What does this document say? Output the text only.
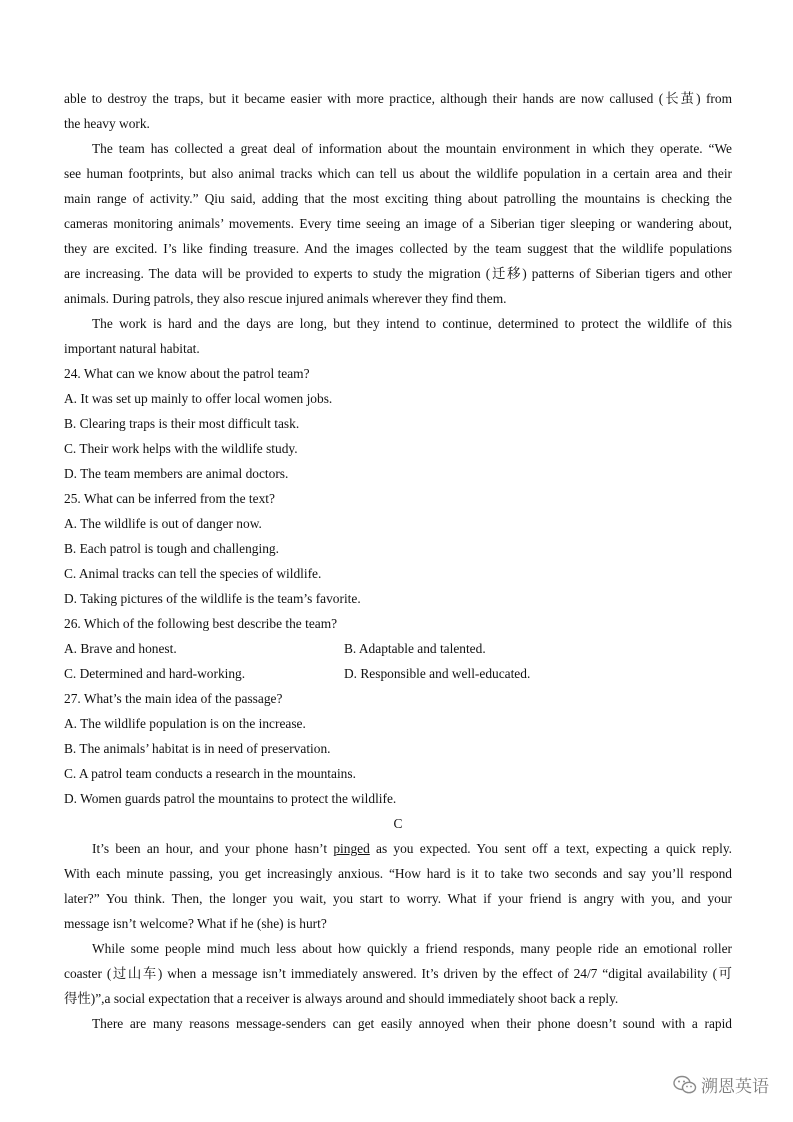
able to destroy the traps, but it became easier with more practice, although their hands are now callused (长茧) from
the heavy work.
The team has collected a great deal of information about the mountain environment in which they operate. “We
see human footprints, but also animal tracks which can tell us about the wildlife population in a certain area and their
main range of activity.” Qiu said, adding that the most exciting thing about patrolling the mountains is checking the
cameras monitoring animals’ movements. Every time seeing an image of a Siberian tiger sleeping or wandering about,
they are excited. I’s like finding treasure. And the images collected by the team suggest that the wildlife populations
are increasing. The data will be provided to experts to study the migration (迁移) patterns of Siberian tigers and other
animals. During patrols, they also rescue injured animals wherever they find them.
The work is hard and the days are long, but they intend to continue, determined to protect the wildlife of this
important natural habitat.
24. What can we know about the patrol team?
A. It was set up mainly to offer local women jobs.
B. Clearing traps is their most difficult task.
C. Their work helps with the wildlife study.
D. The team members are animal doctors.
25. What can be inferred from the text?
A. The wildlife is out of danger now.
B. Each patrol is tough and challenging.
C. Animal tracks can tell the species of wildlife.
D. Taking pictures of the wildlife is the team’s favorite.
26. Which of the following best describe the team?
A. Brave and honest.	B. Adaptable and talented.
C. Determined and hard-working.	D. Responsible and well-educated.
27. What’s the main idea of the passage?
A. The wildlife population is on the increase.
B. The animals’ habitat is in need of preservation.
C. A patrol team conducts a research in the mountains.
D. Women guards patrol the mountains to protect the wildlife.
C
It’s been an hour, and your phone hasn’t pinged as you expected. You sent off a text, expecting a quick reply.
With each minute passing, you get increasingly anxious. “How hard is it to take two seconds and say you’ll respond
later?” You think. Then, the longer you wait, you start to worry. What if your friend is angry with you, and your
message isn’t welcome? What if he (she) is hurt?
While some people mind much less about how quickly a friend responds, many people ride an emotional roller
coaster (过山车) when a message isn’t immediately answered. It’s driven by the effect of 24/7 “digital availability (可
得性)”,a social expectation that a receiver is always around and should immediately shoot back a reply.
There are many reasons message-senders can get easily annoyed when their phone doesn’t sound with a rapid
溯恩英语
